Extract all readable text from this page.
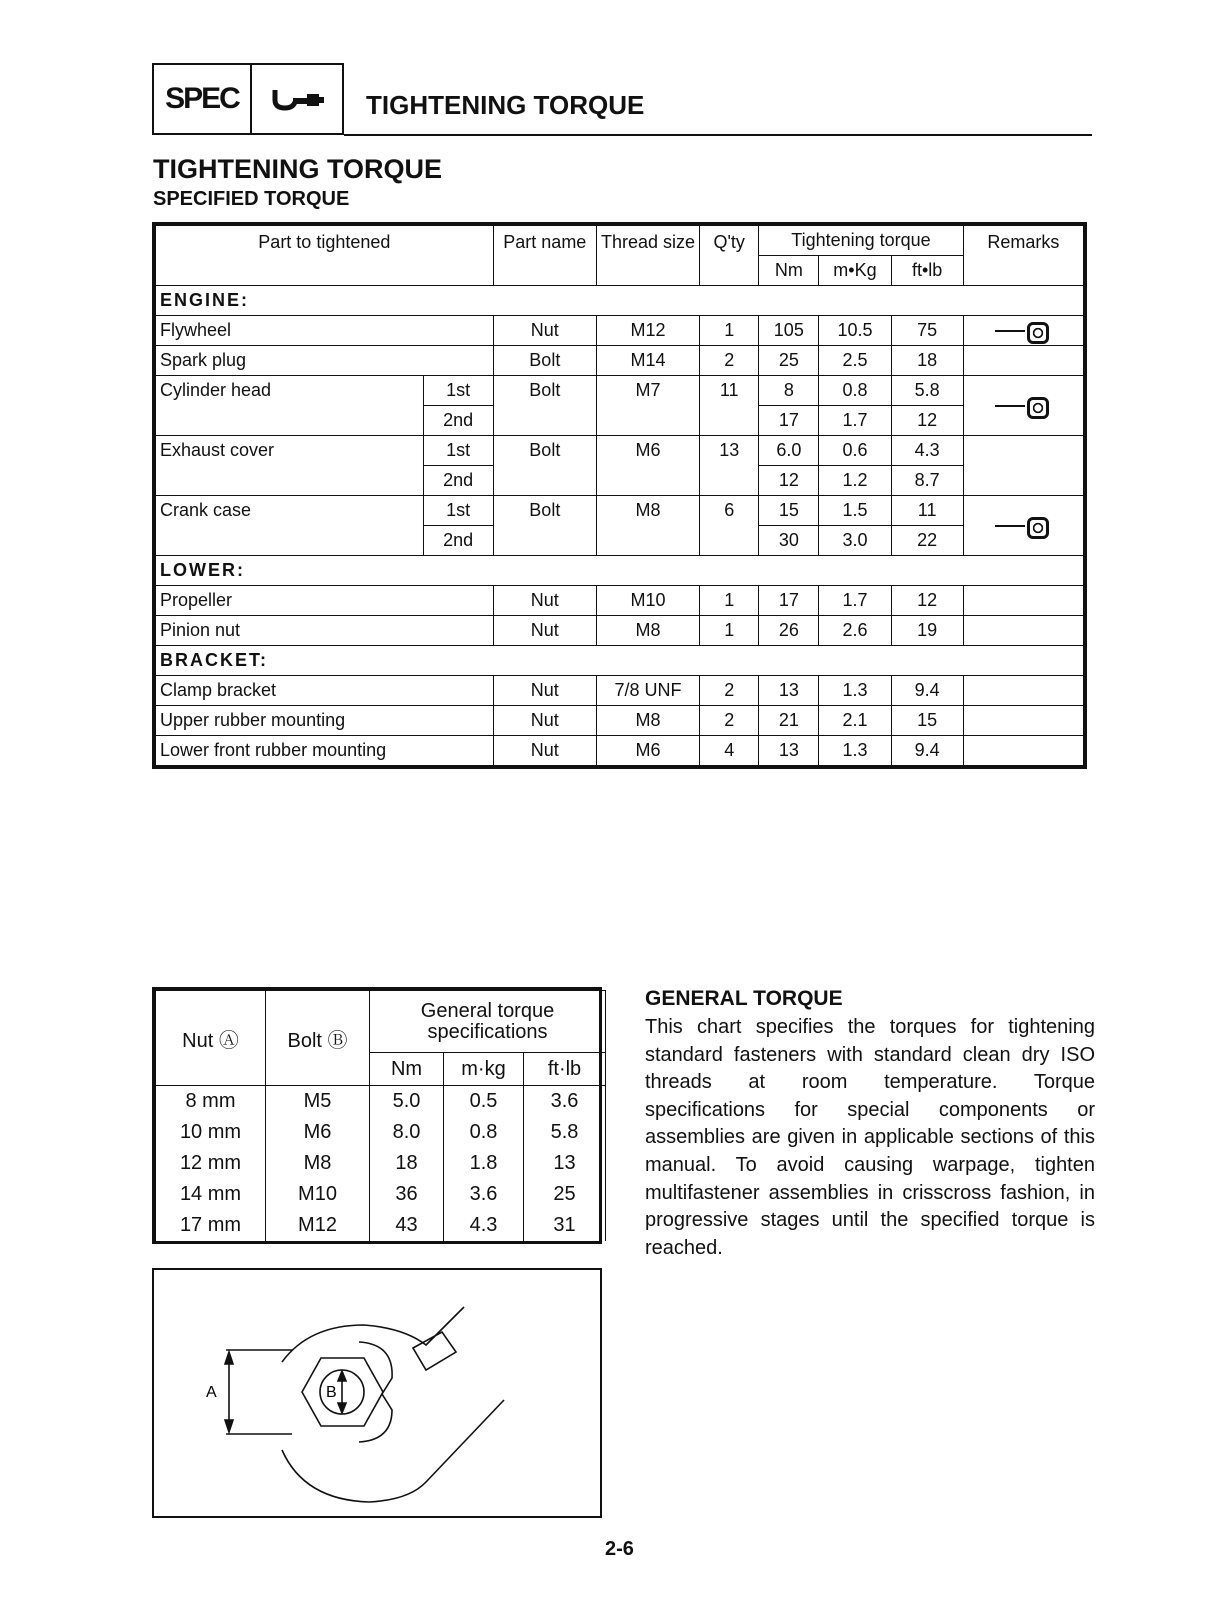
SPEC	TIGHTENING TORQUE
TIGHTENING TORQUE
SPECIFIED TORQUE
Part to tightened		Part name	Thread size	Q'ty	Tightening torque			Remarks
					Nm	m•Kg	ft•lb	
ENGINE:								
Flywheel		Nut	M12	1	105	10.5	75	
Spark plug		Bolt	M14	2	25	2.5	18	
Cylinder head	1st	Bolt	M7	11	8	0.8	5.8	
	2nd				17	1.7	12	
Exhaust cover	1st	Bolt	M6	13	6.0	0.6	4.3	
	2nd				12	1.2	8.7	
Crank case	1st	Bolt	M8	6	15	1.5	11	
	2nd				30	3.0	22	
LOWER:								
Propeller		Nut	M10	1	17	1.7	12	
Pinion nut		Nut	M8	1	26	2.6	19	
BRACKET:								
Clamp bracket		Nut	7/8 UNF	2	13	1.3	9.4	
Upper rubber mounting		Nut	M8	2	21	2.1	15	
Lower front rubber mounting		Nut	M6	4	13	1.3	9.4	
Nut Ⓐ	Bolt Ⓑ	General torque specifications		
		Nm	m·kg	ft·lb
8 mm	M5	5.0	0.5	3.6
10 mm	M6	8.0	0.8	5.8
12 mm	M8	18	1.8	13
14 mm	M10	36	3.6	25
17 mm	M12	43	4.3	31
GENERAL TORQUE
This chart specifies the torques for tightening standard fasteners with standard clean dry ISO threads at room temperature. Torque specifications for special components or assemblies are given in applicable sections of this manual. To avoid causing warpage, tighten multifastener assemblies in crisscross fashion, in progressive stages until the specified torque is reached.
A	B
2-6
